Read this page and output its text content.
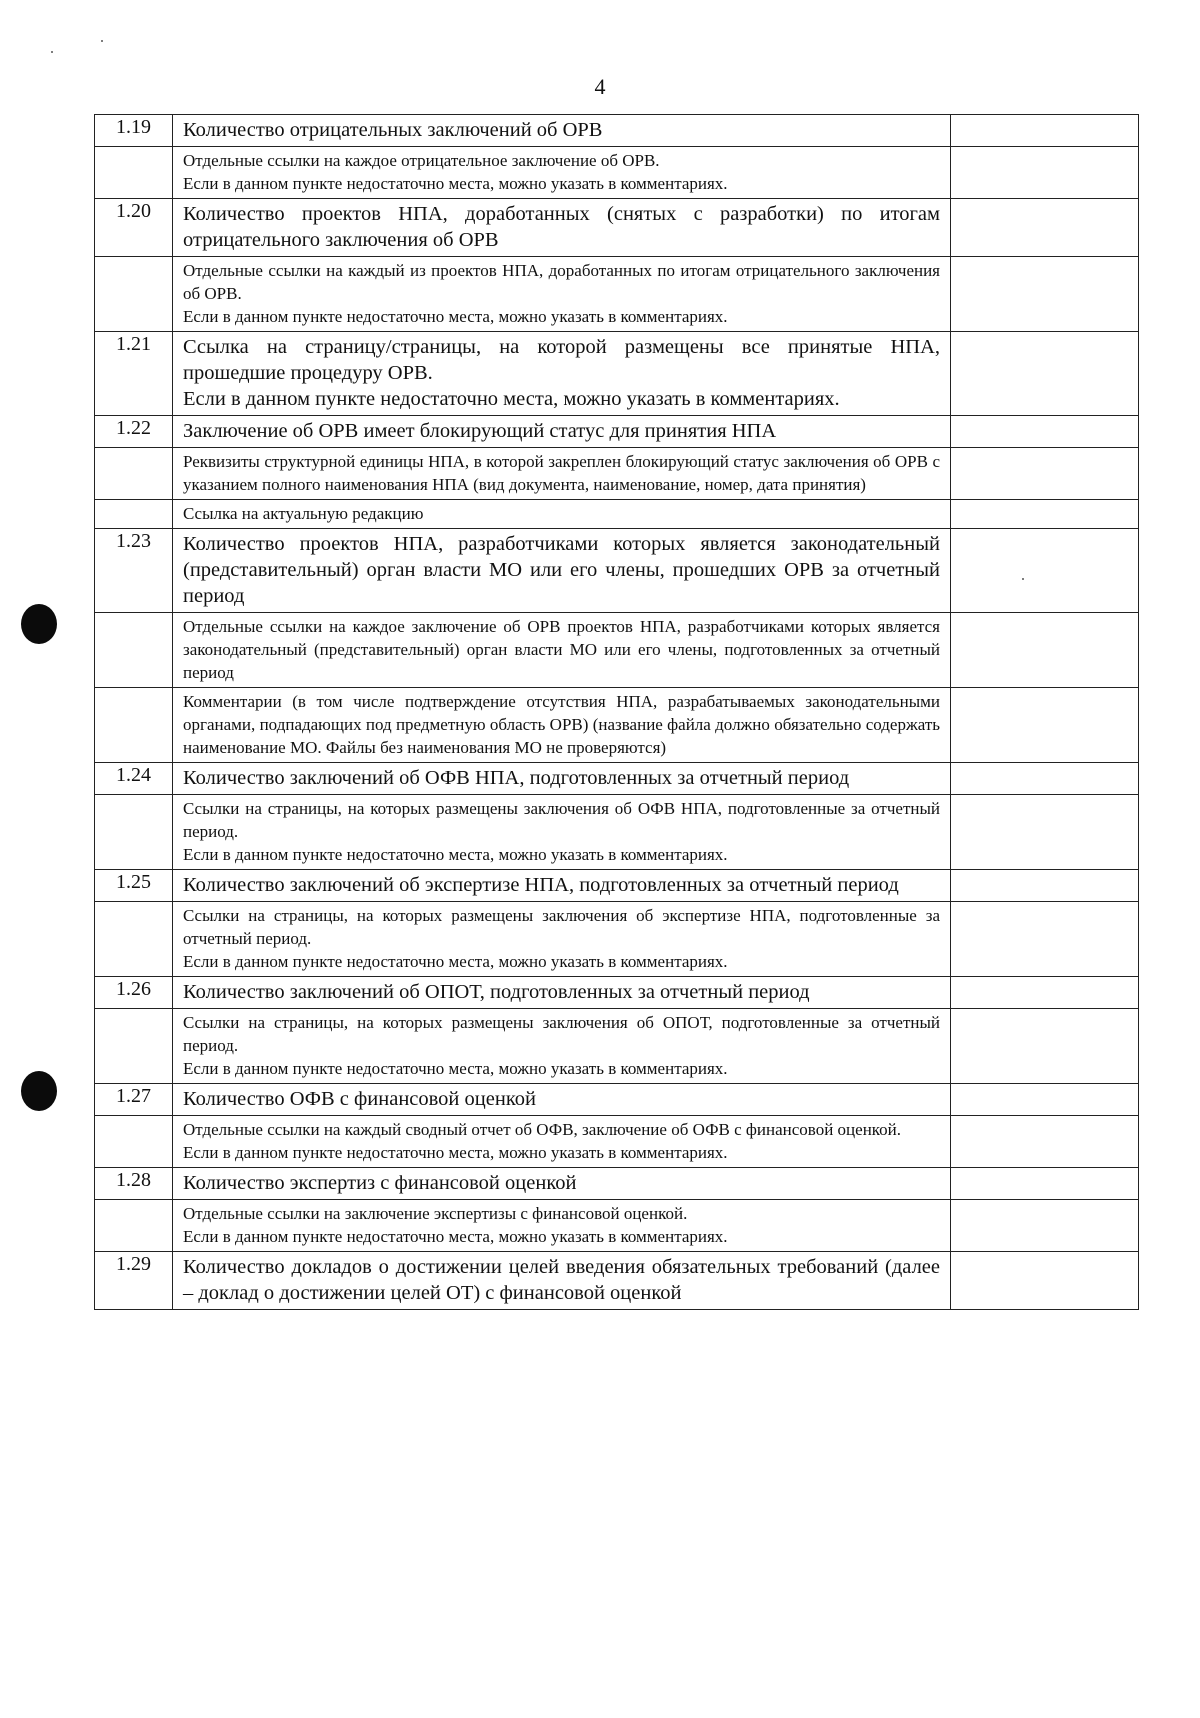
4
1.19	Количество отрицательных заключений об ОРВ	

	Отдельные ссылки на каждое отрицательное заключение об ОРВ.

Если в данном пункте недостаточно места, можно указать в комментариях.	

1.20	Количество проектов НПА, доработанных (снятых с разработки) по итогам отрицательного заключения об ОРВ	

	Отдельные ссылки на каждый из проектов НПА, доработанных по итогам отрицательного заключения об ОРВ.

Если в данном пункте недостаточно места, можно указать в комментариях.	

1.21	Ссылка на страницу/страницы, на которой размещены все принятые НПА, прошедшие процедуру ОРВ.

Если в данном пункте недостаточно места, можно указать в комментариях.	

1.22	Заключение об ОРВ имеет блокирующий статус для принятия НПА	

	Реквизиты структурной единицы НПА, в которой закреплен блокирующий статус заключения об ОРВ с указанием полного наименования НПА (вид документа, наименование, номер, дата принятия)	

	Ссылка на актуальную редакцию	

1.23	Количество проектов НПА, разработчиками которых является законодательный (представительный) орган власти МО или его члены, прошедших ОРВ за отчетный период	

	Отдельные ссылки на каждое заключение об ОРВ проектов НПА, разработчиками которых является законодательный (представительный) орган власти МО или его члены, подготовленных за отчетный период	

	Комментарии (в том числе подтверждение отсутствия НПА, разрабатываемых законодательными органами, подпадающих под предметную область ОРВ) (название файла должно обязательно содержать наименование МО. Файлы без наименования МО не проверяются)	

1.24	Количество заключений об ОФВ НПА, подготовленных за отчетный период	

	Ссылки на страницы, на которых размещены заключения об ОФВ НПА, подготовленные за отчетный период.

Если в данном пункте недостаточно места, можно указать в комментариях.	

1.25	Количество заключений об экспертизе НПА, подготовленных за отчетный период	

	Ссылки на страницы, на которых размещены заключения об экспертизе НПА, подготовленные за отчетный период.

Если в данном пункте недостаточно места, можно указать в комментариях.	

1.26	Количество заключений об ОПОТ, подготовленных за отчетный период	

	Ссылки на страницы, на которых размещены заключения об ОПОТ, подготовленные за отчетный период.

Если в данном пункте недостаточно места, можно указать в комментариях.	

1.27	Количество ОФВ с финансовой оценкой	

	Отдельные ссылки на каждый сводный отчет об ОФВ, заключение об ОФВ с финансовой оценкой.

Если в данном пункте недостаточно места, можно указать в комментариях.	

1.28	Количество экспертиз с финансовой оценкой	

	Отдельные ссылки на заключение экспертизы с финансовой оценкой.

Если в данном пункте недостаточно места, можно указать в комментариях.	

1.29	Количество докладов о достижении целей введения обязательных требований (далее – доклад о достижении целей ОТ) с финансовой оценкой	
